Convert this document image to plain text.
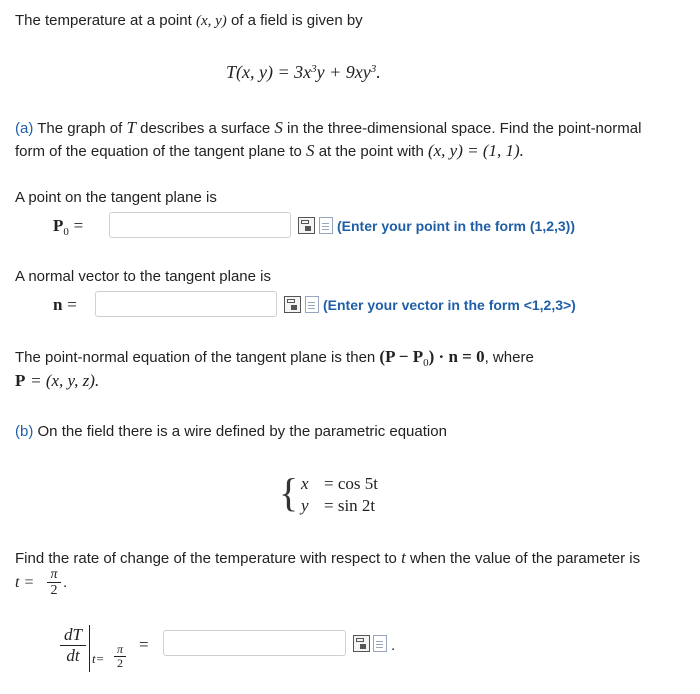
The temperature at a point (x, y) of a field is given by
T(x, $y) = 3x^3y + 9xy^3$.
(a) The graph of T describes a surface S in the three-dimensional space. Find the point-normal
form of the equation of the tangent plane to S at the point with (x, y) = (1, 1).
A point on the tangent plane is
$P_0$ =	(Enter your point in the form (1,2,3))
A normal vector to the tangent plane is
n =	(Enter your vector in the form <1,2,3>)
The point-normal equation of the tangent plane is then $(P - P_0) \cdot n = 0$, where
P = (x, y, z).
(b) On the field there is a wire defined by the parametric equation
{ x = cos 5t
y = sin 2t
Find the rate of change of the temperature with respect to t when the value of the parameter is
$t = \frac{\pi}{2}$ .
$\frac{dT}{dt} t= \frac{\pi}{2}$ =	.
